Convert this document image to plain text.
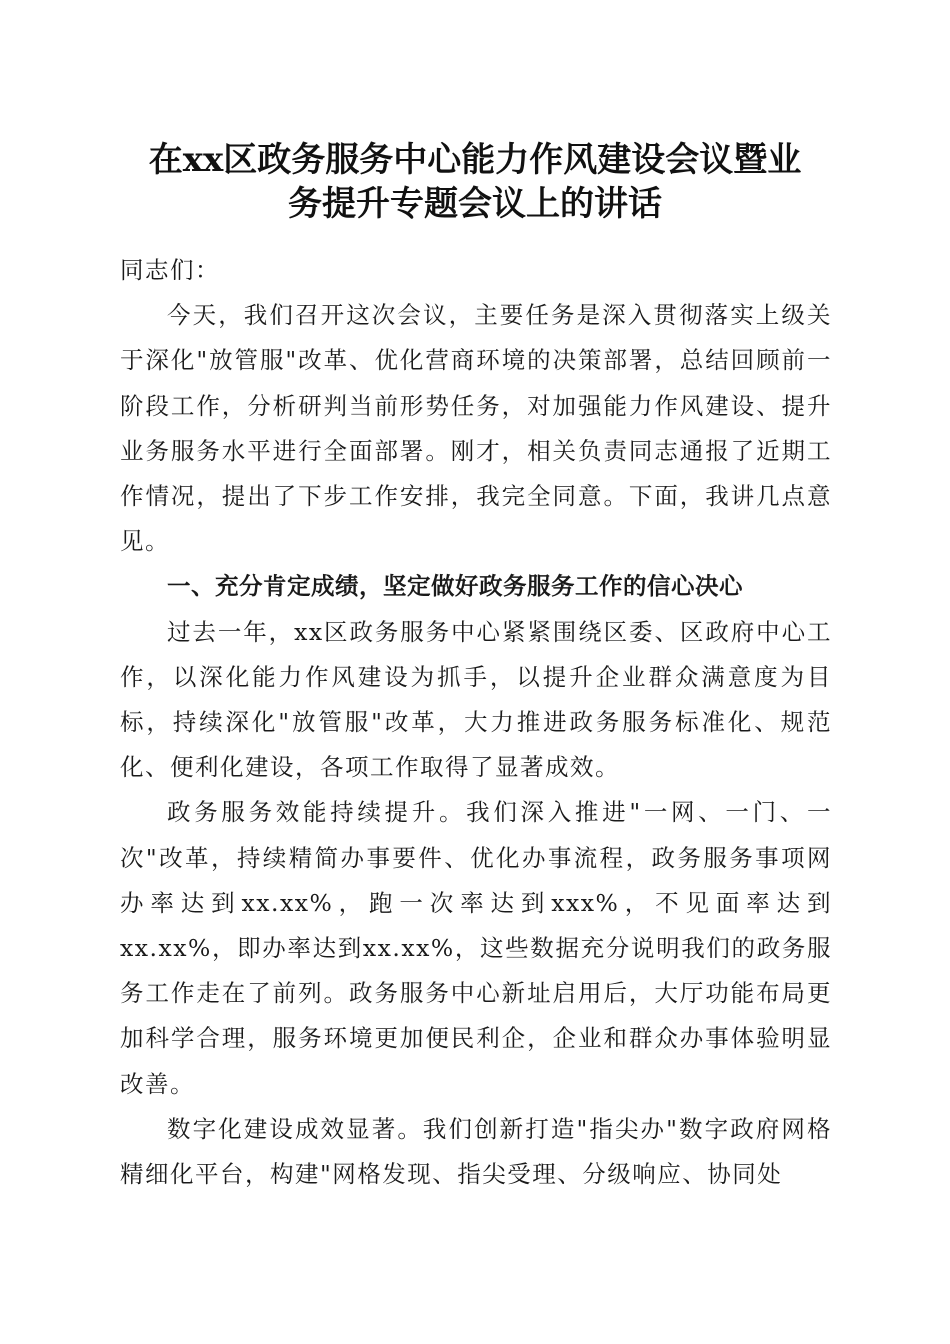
在xx区政务服务中心能力作风建设会议暨业
务提升专题会议上的讲话

同志们：

今天，我们召开这次会议，主要任务是深入贯彻落实上级关于深化"放管服"改革、优化营商环境的决策部署，总结回顾前一阶段工作，分析研判当前形势任务，对加强能力作风建设、提升业务服务水平进行全面部署。刚才，相关负责同志通报了近期工作情况，提出了下步工作安排，我完全同意。下面，我讲几点意见。

一、充分肯定成绩，坚定做好政务服务工作的信心决心

过去一年，xx区政务服务中心紧紧围绕区委、区政府中心工作，以深化能力作风建设为抓手，以提升企业群众满意度为目标，持续深化"放管服"改革，大力推进政务服务标准化、规范化、便利化建设，各项工作取得了显著成效。

政务服务效能持续提升。我们深入推进"一网、一门、一次"改革，持续精简办事要件、优化办事流程，政务服务事项网办率达到xx.xx%，跑一次率达到xxx%，不见面率达到xx.xx%，即办率达到xx.xx%，这些数据充分说明我们的政务服务工作走在了前列。政务服务中心新址启用后，大厅功能布局更加科学合理，服务环境更加便民利企，企业和群众办事体验明显改善。

数字化建设成效显著。我们创新打造"指尖办"数字政府网格精细化平台，构建"网格发现、指尖受理、分级响应、协同处
